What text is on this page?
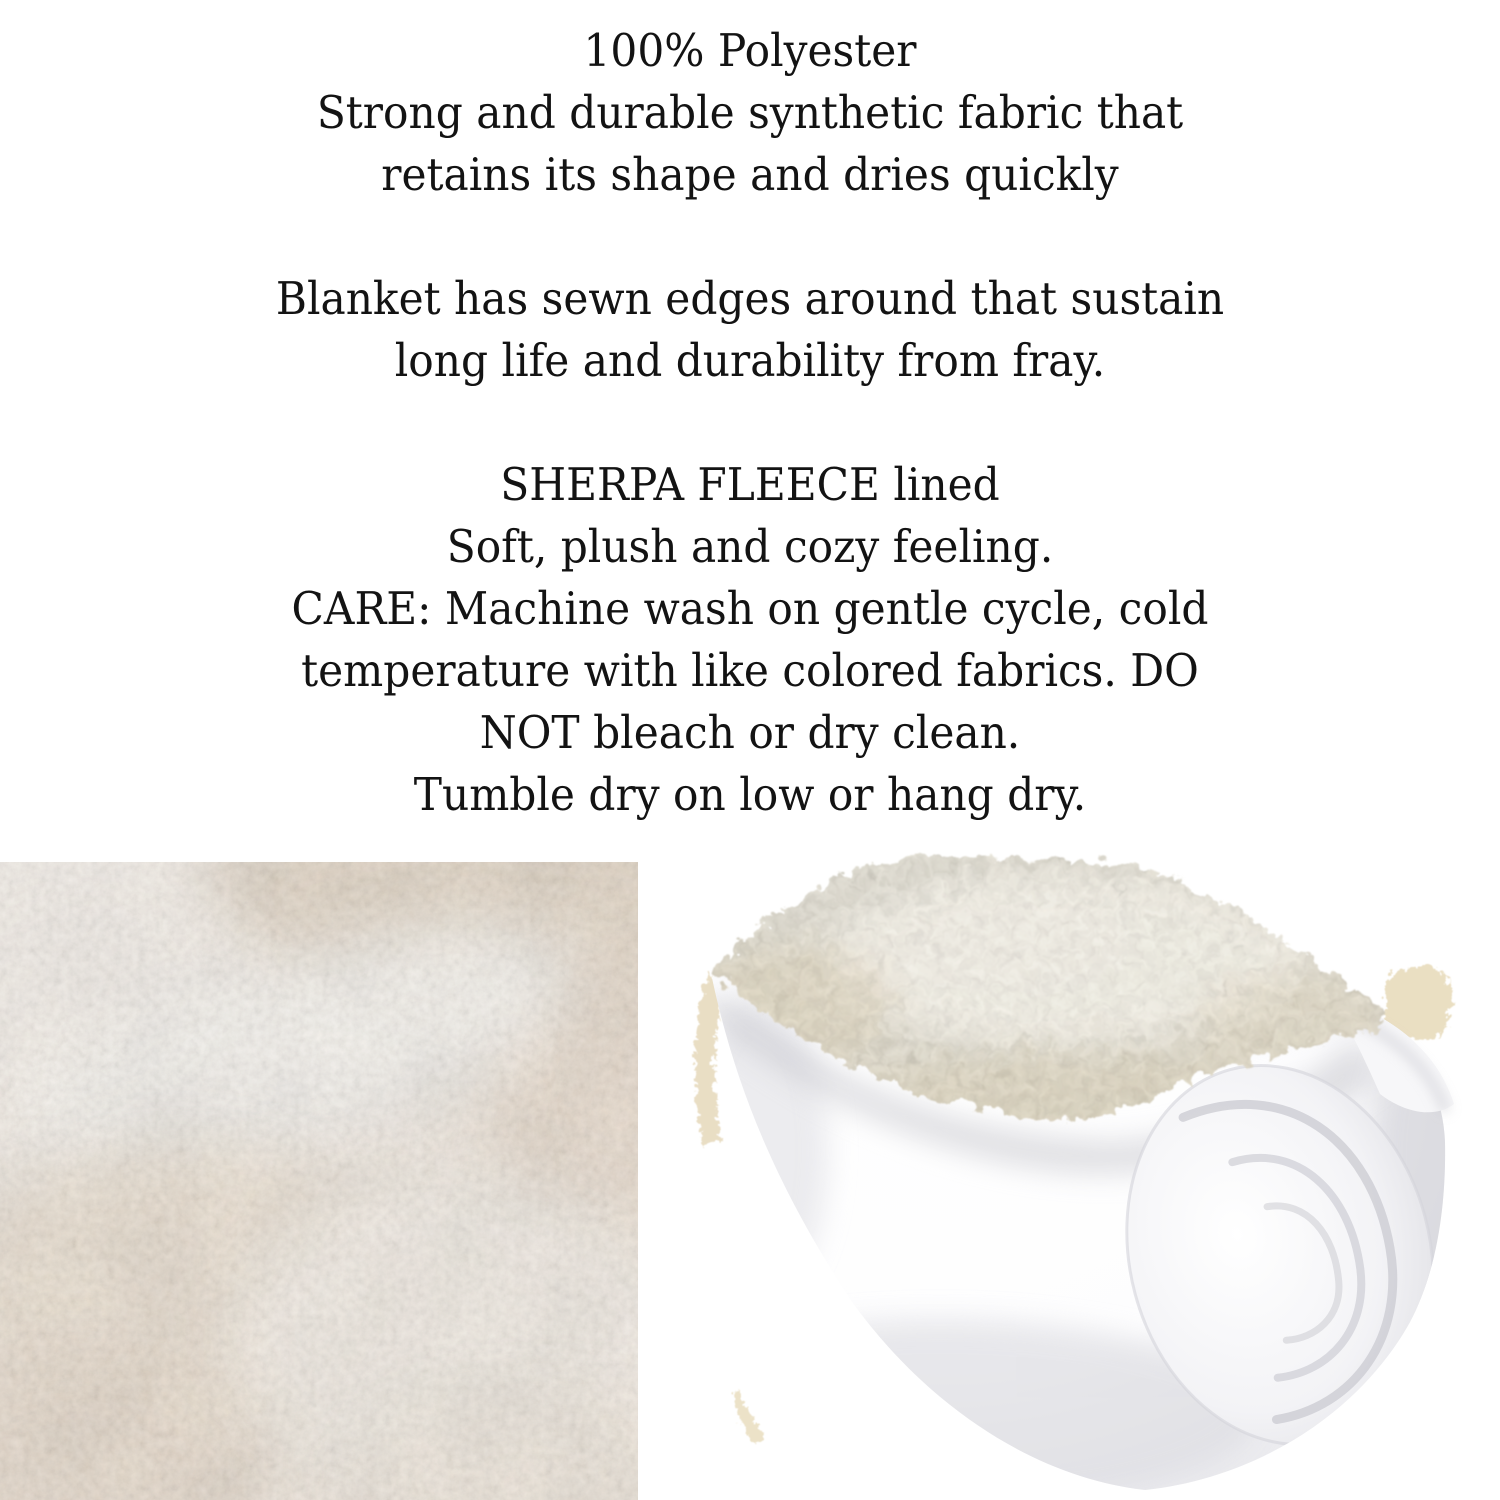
100% Polyester
Strong and durable synthetic fabric that
retains its shape and dries quickly
Blanket has sewn edges around that sustain
long life and durability from fray.
SHERPA FLEECE lined
Soft, plush and cozy feeling.
CARE: Machine wash on gentle cycle, cold
temperature with like colored fabrics. DO
NOT bleach or dry clean.
Tumble dry on low or hang dry.
